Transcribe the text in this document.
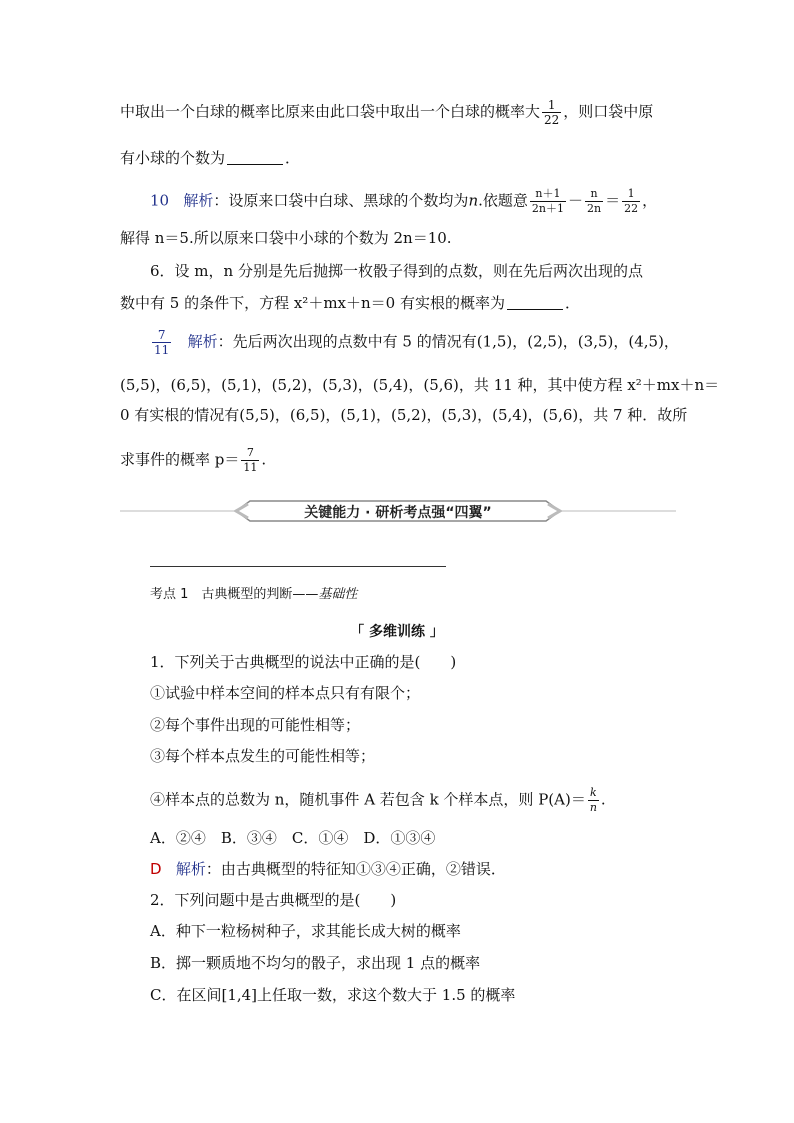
中取出一个白球的概率比原来由此口袋中取出一个白球的概率大 $\frac{1}{22}$ ，则口袋中原
有小球的个数为	．
10 解析：设原来口袋中白球、黑球的个数均为n.依题意 $\frac{n+1}{2n+1} - \frac{n}{2n} = \frac{1}{22}$ ，
解得 n＝5.所以原来口袋中小球的个数为 2n＝10.
6．设 m，n 分别是先后抛掷一枚骰子得到的点数，则在先后两次出现的点
数中有 5 的条件下，方程 x²＋mx＋n＝0 有实根的概率为	．
$\frac{7}{11}$ 解析：先后两次出现的点数中有 5 的情况有(1,5)，(2,5)，(3,5)，(4,5)，
(5,5)，(6,5)，(5,1)，(5,2)，(5,3)，(5,4)，(5,6)，共 11 种，其中使方程 x²＋mx＋n＝
0 有实根的情况有(5,5)，(6,5)，(5,1)，(5,2)，(5,3)，(5,4)，(5,6)，共 7 种．故所
求事件的概率 $p= \frac{7}{11}$ .
关键能力 · 研析考点强“四翼”
考点 1　古典概型的判断——基础性
「 多维训练 」
1．下列关于古典概型的说法中正确的是(　　)
①试验中样本空间的样本点只有有限个；
②每个事件出现的可能性相等；
③每个样本点发生的可能性相等；
④样本点的总数为 n，随机事件 A 若包含 k 个样本点，则 $P(A)= \frac{k}{n}$ .
A．②④　B．③④　C．①④　D．①③④
D 解析：由古典概型的特征知①③④正确，②错误．
2．下列问题中是古典概型的是(　　)
A．种下一粒杨树种子，求其能长成大树的概率
B．掷一颗质地不均匀的骰子，求出现 1 点的概率
C．在区间[1,4]上任取一数，求这个数大于 1.5 的概率
